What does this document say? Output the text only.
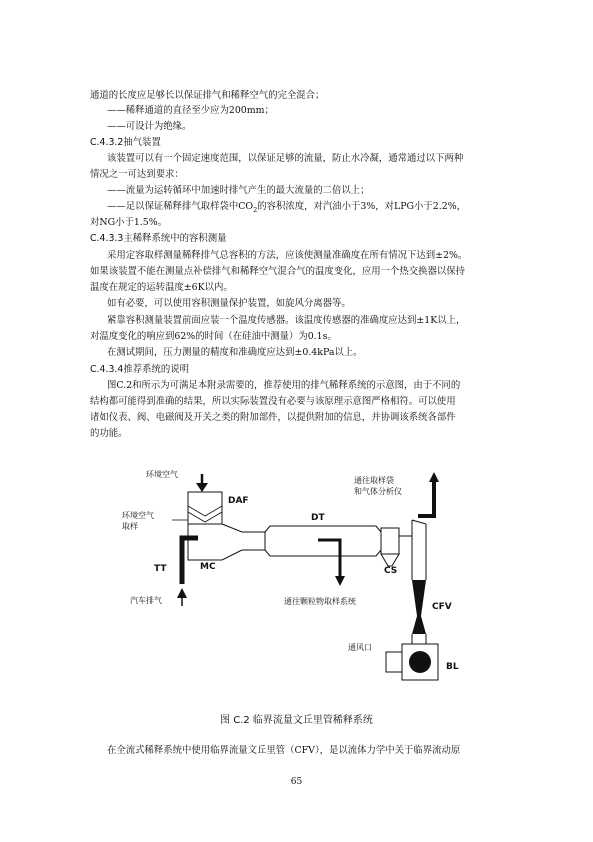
通道的长度应足够长以保证排气和稀释空气的完全混合；
——稀释通道的直径至少应为200mm；
——可设计为绝缘。
C.4.3.2抽气装置
该装置可以有一个固定速度范围，以保证足够的流量，防止水冷凝，通常通过以下两种
情况之一可达到要求：
——流量为运转循环中加速时排气产生的最大流量的二倍以上；
——足以保证稀释排气取样袋中$CO_2$的容积浓度，对汽油小于3%，对LPG小于2.2%，
对NG小于1.5%。
C.4.3.3主稀释系统中的容积测量
采用定容取样测量稀释排气总容积的方法，应该使测量准确度在所有情况下达到±2%。
如果该装置不能在测量点补偿排气和稀释空气混合气的温度变化，应用一个热交换器以保持
温度在规定的运转温度±6K以内。
如有必要，可以使用容积测量保护装置，如旋风分离器等。
紧靠容积测量装置前面应装一个温度传感器。该温度传感器的准确度应达到±1K以上，
对温度变化的响应到62%的时间（在硅油中测量）为0.1s。
在测试期间，压力测量的精度和准确度应达到±0.4kPa以上。
C.4.3.4推荐系统的说明
图C.2和所示为可满足本附录需要的，推荐使用的排气稀释系统的示意图，由于不同的
结构都可能得到准确的结果，所以实际装置没有必要与该原理示意图严格相符。可以使用
诸如仪表、阀、电磁阀及开关之类的附加部件，以提供附加的信息，并协调该系统各部件
的功能。
环境空气
DAF
环境空气
取样
DT
TT	MC
汽车排气	通往颗粒物取样系统
CS
通往取样袋
和气体分析仪
CFV
BL
通风口
图 C.2 临界流量文丘里管稀释系统
在全流式稀释系统中使用临界流量文丘里管（CFV），是以流体力学中关于临界流动原
65
